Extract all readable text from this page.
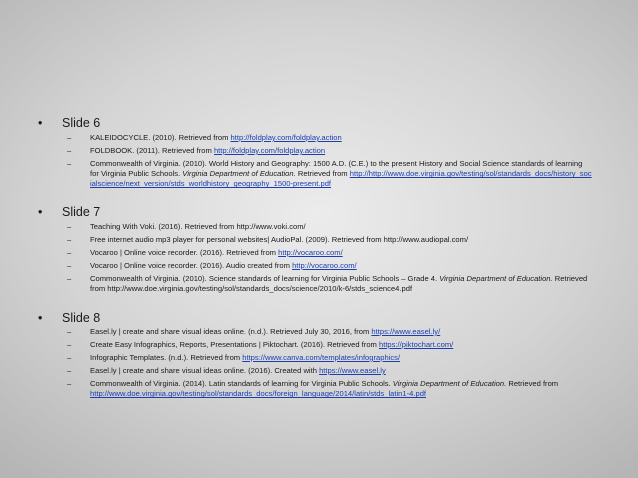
• Slide 6
– KALEIDOCYCLE. (2010). Retrieved from http://foldplay.com/foldplay.action
– FOLDBOOK. (2011). Retrieved from http://foldplay.com/foldplay.action
– Commonwealth of Virginia. (2010). World History and Geography: 1500 A.D. (C.E.) to the present History and Social Science standards of learning for Virginia Public Schools. Virginia Department of Education. Retrieved from http://http://www.doe.virginia.gov/testing/sol/standards_docs/history_socialscience/next_version/stds_worldhistory_geography_1500-present.pdf
• Slide 7
– Teaching With Voki. (2016). Retrieved from http://www.voki.com/
– Free internet audio mp3 player for personal websites| AudioPal. (2009). Retrieved from http://www.audiopal.com/
– Vocaroo | Online voice recorder. (2016). Retrieved from http://vocaroo.com/
– Vocaroo | Online voice recorder. (2016). Audio created from http://vocaroo.com/
– Commonwealth of Virginia. (2010). Science standards of learning for Virginia Public Schools – Grade 4. Virginia Department of Education. Retrieved from http://www.doe.virginia.gov/testing/sol/standards_docs/science/2010/k-6/stds_science4.pdf
• Slide 8
– Easel.ly | create and share visual ideas online. (n.d.). Retrieved July 30, 2016, from https://www.easel.ly/
– Create Easy Infographics, Reports, Presentations | Piktochart. (2016). Retrieved from https://piktochart.com/
– Infographic Templates. (n.d.). Retrieved from https://www.canva.com/templates/infographics/
– Easel.ly | create and share visual ideas online. (2016). Created with https://www.easel.ly
– Commonwealth of Virginia. (2014). Latin standards of learning for Virginia Public Schools. Virginia Department of Education. Retrieved from http://www.doe.virginia.gov/testing/sol/standards_docs/foreign_language/2014/latin/stds_latin1-4.pdf
